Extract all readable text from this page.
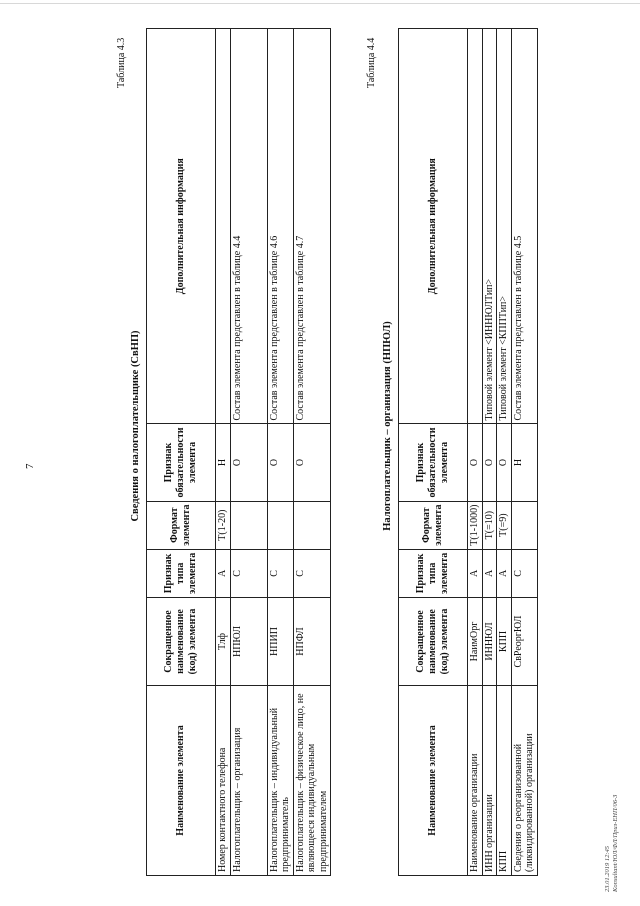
7
Таблица 4.3
Сведения о налогоплательщике (СвНП)
Наименование элемента	Сокращенное наименование (код) элемента	Признак типа элемента	Формат элемента	Признак обязательности элемента	Дополнительная информация
Номер контактного телефона	Тлф	А	T(1-20)	Н	
Налогоплательщик – организация	НПЮЛ	С		О	Состав элемента представлен в таблице 4.4
Налогоплательщик – индивидуальный предприниматель	НПИП	С		О	Состав элемента представлен в таблице 4.6
Налогоплательщик – физическое лицо, не являющееся индивидуальным предпринимателем	НПФЛ	С		О	Состав элемента представлен в таблице 4.7
Таблица 4.4
Налогоплательщик – организация (НПЮЛ)
Наименование элемента	Сокращенное наименование (код) элемента	Признак типа элемента	Формат элемента	Признак обязательности элемента	Дополнительная информация
Наименование организации	НаимОрг	А	T(1-1000)	О	
ИНН организации	ИННЮЛ	А	T(=10)	О	Типовой элемент <ИННЮЛТип>
КПП	КПП	А	T(=9)	О	Типовой элемент <КППТип>
Сведения о реорганизованной (ликвидированной) организации	СвРеоргЮЛ	С		Н	Состав элемента представлен в таблице 4.5
23.01.2019 12:45 Konsultant/ЮЛ/ФЛ/Приз-ЕНП/06-3
